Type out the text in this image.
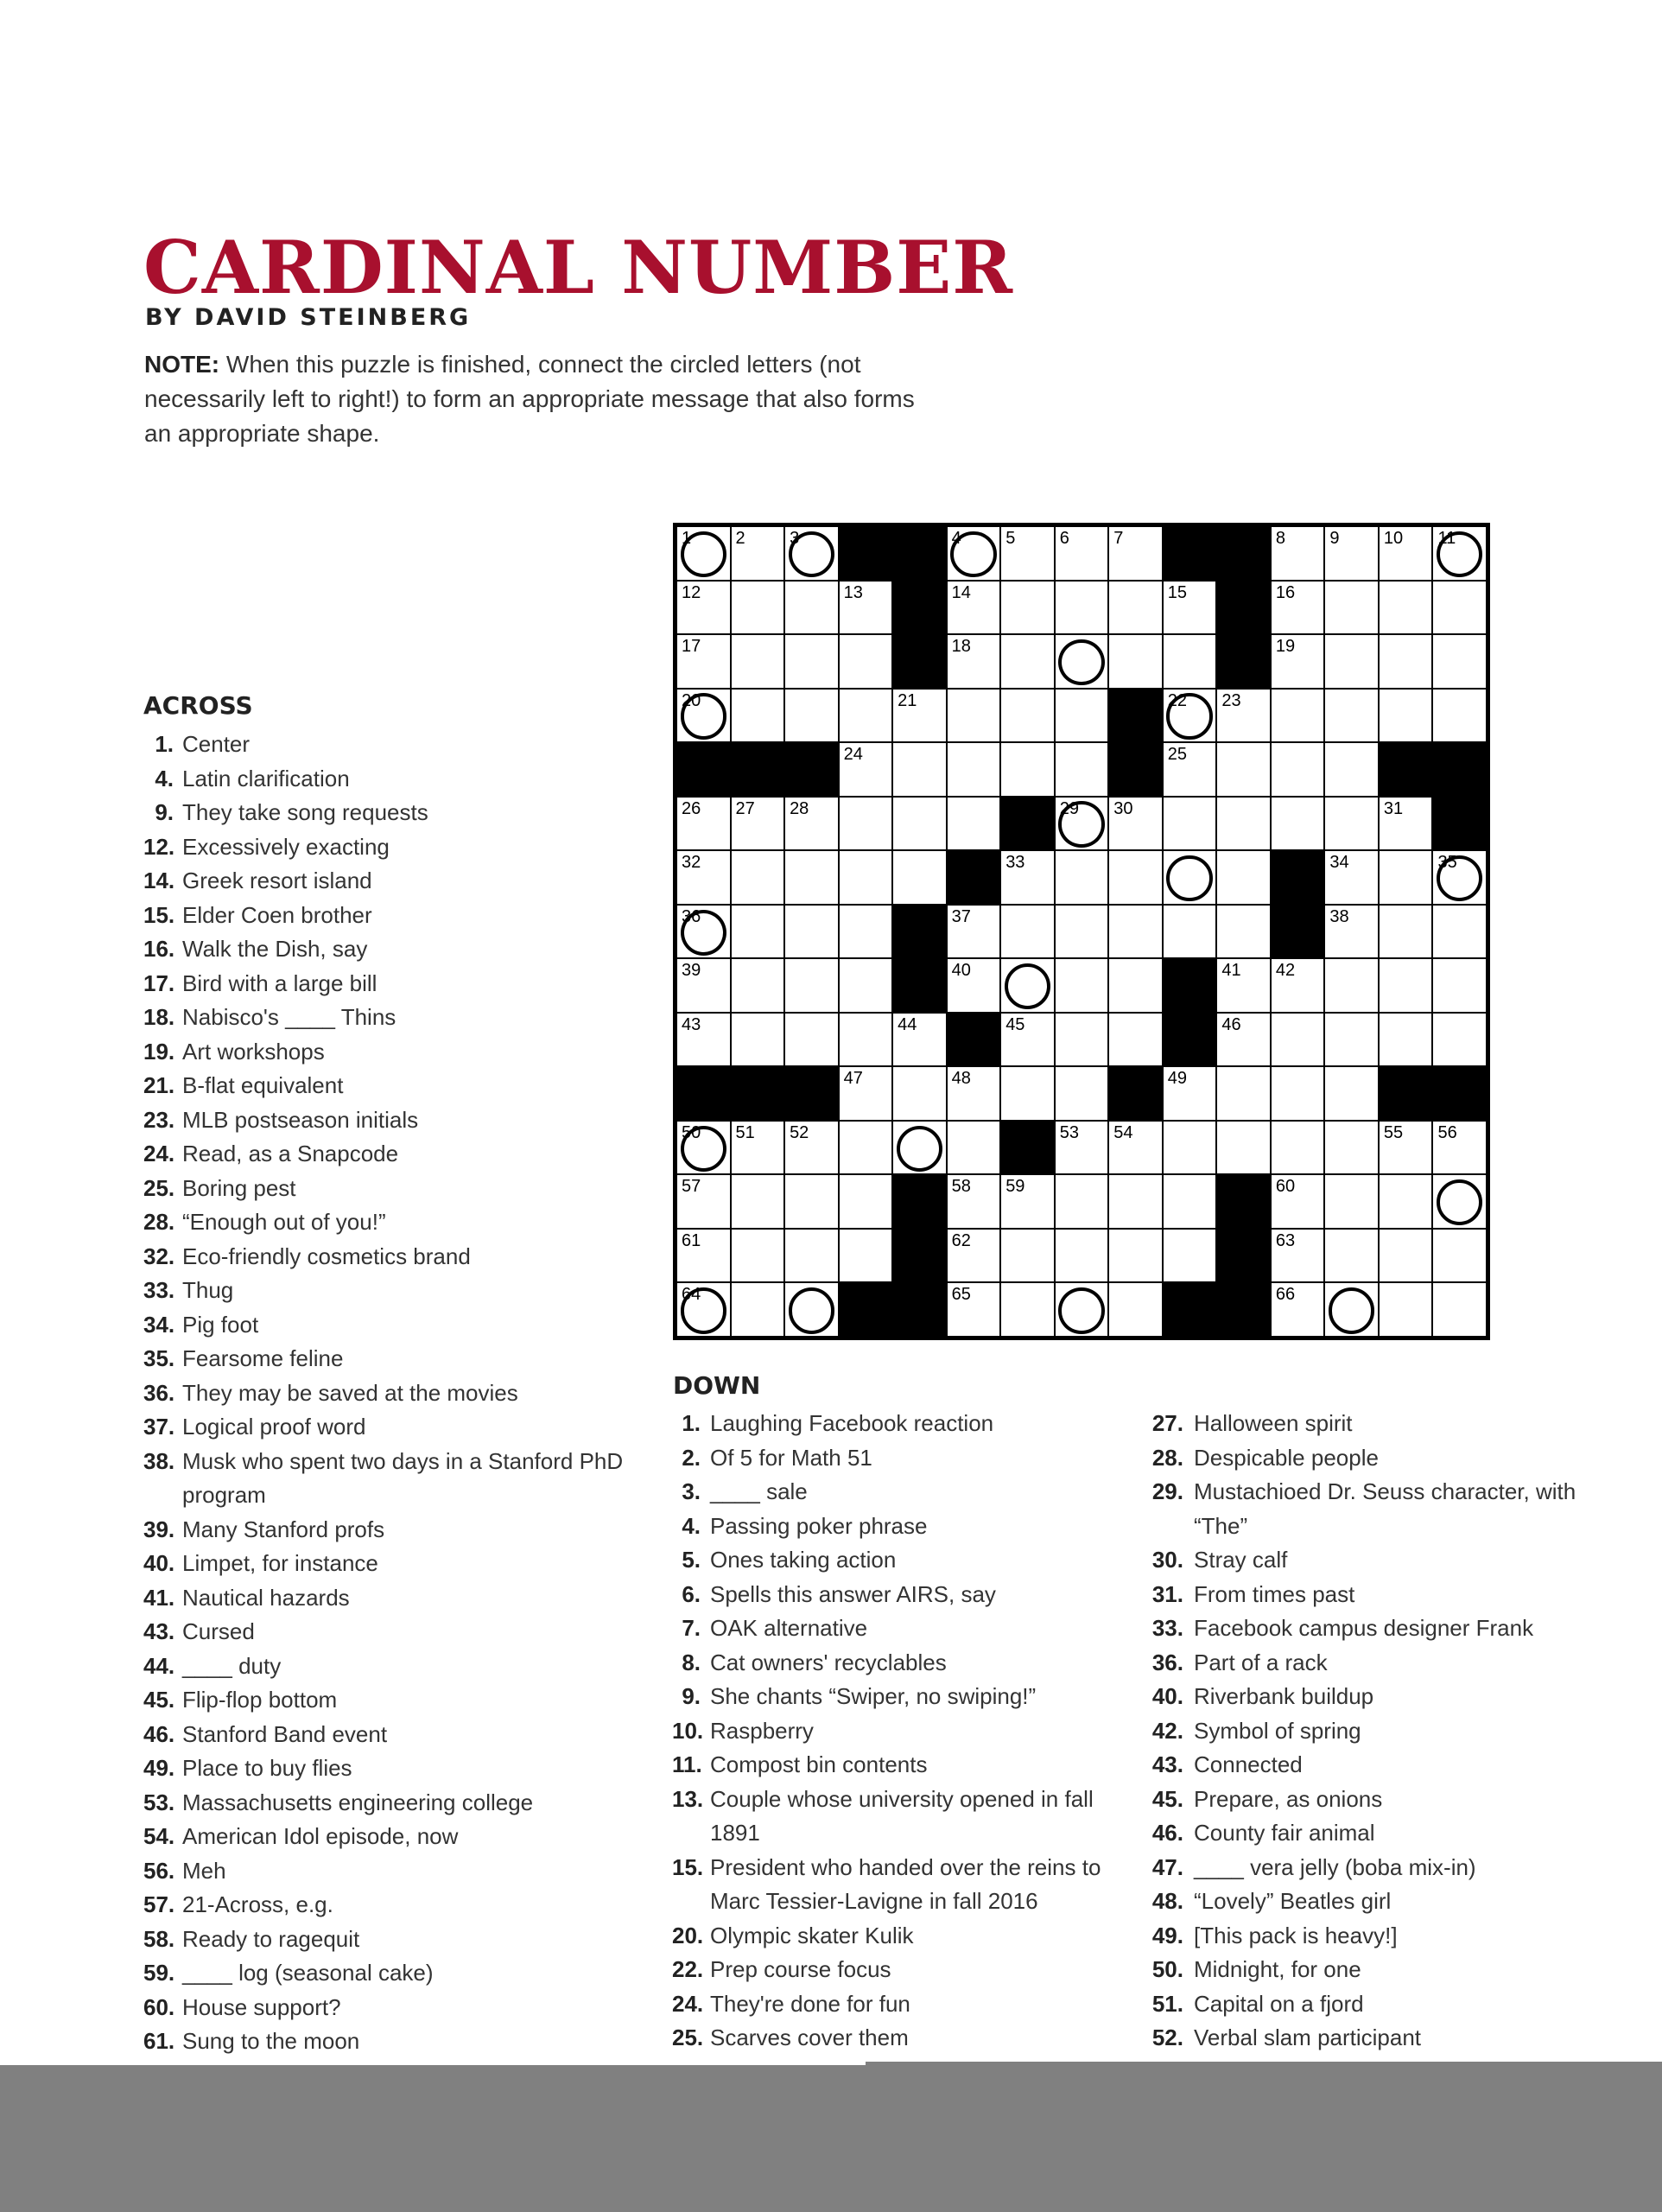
CARDINAL NUMBER
BY DAVID STEINBERG
NOTE: When this puzzle is finished, connect the circled letters (not necessarily left to right!) to form an appropriate message that also forms an appropriate shape.
1	2	3	4	5	6	7	8	9	10 11
12	13	14	15	16
17	18	19
20	21	22 23
24	25
26 27 28	29 30	31
32	33	34	35
36	37	38
39	40	41 42
43	44	45	46
47	48	49
50 51 52	53 54	55 56
57	58 59	60
61	62	63
64	65	66
ACROSS
1. Center
4. Latin clarification
9. They take song requests
12. Excessively exacting
14. Greek resort island
15. Elder Coen brother
16. Walk the Dish, say
17. Bird with a large bill
18. Nabisco's ____ Thins
19. Art workshops
21. B-flat equivalent
23. MLB postseason initials
24. Read, as a Snapcode
25. Boring pest
28. “Enough out of you!”
32. Eco-friendly cosmetics brand
33. Thug
34. Pig foot
35. Fearsome feline
36. They may be saved at the movies
37. Logical proof word
38. Musk who spent two days in a Stanford PhD program
39. Many Stanford profs
40. Limpet, for instance
41. Nautical hazards
43. Cursed
44. ____ duty
45. Flip-flop bottom
46. Stanford Band event
49. Place to buy flies
53. Massachusetts engineering college
54. American Idol episode, now
56. Meh
57. 21-Across, e.g.
58. Ready to ragequit
59. ____ log (seasonal cake)
60. House support?
61. Sung to the moon
DOWN
1. Laughing Facebook reaction
2. Of 5 for Math 51
3. ____ sale
4. Passing poker phrase
5. Ones taking action
6. Spells this answer AIRS, say
7. OAK alternative
8. Cat owners' recyclables
9. She chants “Swiper, no swiping!”
10. Raspberry
11. Compost bin contents
13. Couple whose university opened in fall 1891
15. President who handed over the reins to Marc Tessier-Lavigne in fall 2016
20. Olympic skater Kulik
22. Prep course focus
24. They're done for fun
25. Scarves cover them
27. Halloween spirit
28. Despicable people
29. Mustachioed Dr. Seuss character, with “The”
30. Stray calf
31. From times past
33. Facebook campus designer Frank
36. Part of a rack
40. Riverbank buildup
42. Symbol of spring
43. Connected
45. Prepare, as onions
46. County fair animal
47. ____ vera jelly (boba mix-in)
48. “Lovely” Beatles girl
49. [This pack is heavy!]
50. Midnight, for one
51. Capital on a fjord
52. Verbal slam participant
